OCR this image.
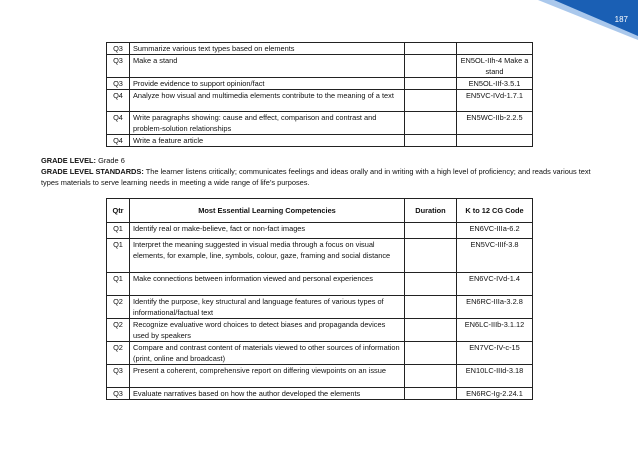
187
Q3	Summarize various text types based on elements		
Q3	Make a stand		EN5OL-IIh-4 Make a stand
Q3	Provide evidence to support opinion/fact		EN5OL-IIf-3.5.1
Q4	Analyze how visual and multimedia elements contribute to the meaning of a text		EN5VC-IVd-1.7.1
Q4	Write paragraphs showing: cause and effect, comparison and contrast and problem-solution relationships		EN5WC-IIb-2.2.5
Q4	Write a feature article		
GRADE LEVEL: Grade 6
GRADE LEVEL STANDARDS: The learner listens critically; communicates feelings and ideas orally and in writing with a high level of proficiency; and reads various text types materials to serve learning needs in meeting a wide range of life’s purposes.
Qtr	Most Essential Learning Competencies	Duration	K to 12 CG Code
Q1	Identify real or make-believe, fact or non-fact images		EN6VC-IIIa-6.2
Q1	Interpret the meaning suggested in visual media through a focus on visual elements, for example, line, symbols, colour, gaze, framing and social distance		EN5VC-IIIf-3.8
Q1	Make connections between information viewed and personal experiences		EN6VC-IVd-1.4
Q2	Identify the purpose, key structural and language features of various types of informational/factual text		EN6RC-IIIa-3.2.8
Q2	Recognize evaluative word choices to detect biases and propaganda devices used by speakers		EN6LC-IIIb-3.1.12
Q2	Compare and contrast content of materials viewed to other sources of information (print, online and broadcast)		EN7VC-IV-c-15
Q3	Present a coherent, comprehensive report on differing viewpoints on an issue		EN10LC-IIId-3.18
Q3	Evaluate narratives based on how the author developed the elements		EN6RC-Ig-2.24.1
